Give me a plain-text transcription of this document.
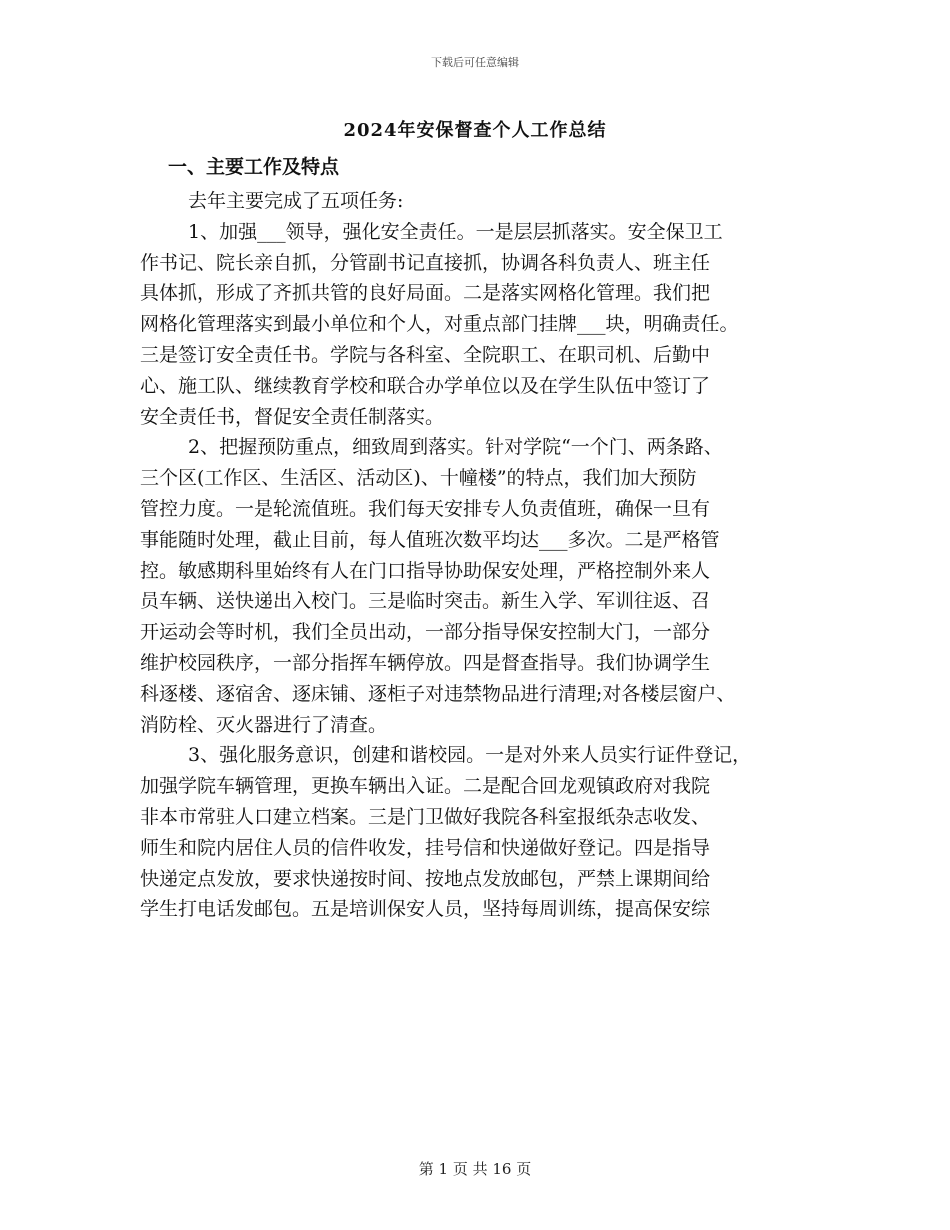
下载后可任意编辑
2024年安保督查个人工作总结
一、主要工作及特点
去年主要完成了五项任务:
1、加强___领导，强化安全责任。一是层层抓落实。安全保卫工
作书记、院长亲自抓，分管副书记直接抓，协调各科负责人、班主任
具体抓，形成了齐抓共管的良好局面。二是落实网格化管理。我们把
网格化管理落实到最小单位和个人，对重点部门挂牌___块，明确责任。
三是签订安全责任书。学院与各科室、全院职工、在职司机、后勤中
心、施工队、继续教育学校和联合办学单位以及在学生队伍中签订了
安全责任书，督促安全责任制落实。
2、把握预防重点，细致周到落实。针对学院“一个门、两条路、
三个区(工作区、生活区、活动区)、十幢楼”的特点，我们加大预防
管控力度。一是轮流值班。我们每天安排专人负责值班，确保一旦有
事能随时处理，截止目前，每人值班次数平均达___多次。二是严格管
控。敏感期科里始终有人在门口指导协助保安处理，严格控制外来人
员车辆、送快递出入校门。三是临时突击。新生入学、军训往返、召
开运动会等时机，我们全员出动，一部分指导保安控制大门，一部分
维护校园秩序，一部分指挥车辆停放。四是督查指导。我们协调学生
科逐楼、逐宿舍、逐床铺、逐柜子对违禁物品进行清理;对各楼层窗户、
消防栓、灭火器进行了清查。
3、强化服务意识，创建和谐校园。一是对外来人员实行证件登记，
加强学院车辆管理，更换车辆出入证。二是配合回龙观镇政府对我院
非本市常驻人口建立档案。三是门卫做好我院各科室报纸杂志收发、
师生和院内居住人员的信件收发，挂号信和快递做好登记。四是指导
快递定点发放，要求快递按时间、按地点发放邮包，严禁上课期间给
学生打电话发邮包。五是培训保安人员，坚持每周训练，提高保安综
第 1 页 共 16 页
